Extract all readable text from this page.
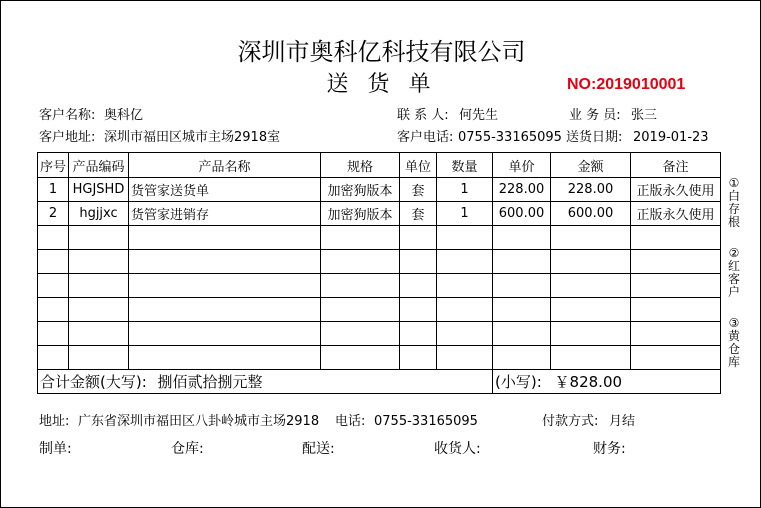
深圳市奥科亿科技有限公司
送 货 单	NO:2019010001
客户名称: 奥科亿	联 系 人: 何先生	业 务 员: 张三
客户地址: 深圳市福田区城市主场2918室	客户电话: 0755-33165095 送货日期: 2019-01-23
序号	产品编码	产品名称	规格	单位	数量	单价	金额	备注
1	HGJSHD	货管家送货单	加密狗版本	套	1	228.00	228.00	正版永久使用
2	hgjjxc	货管家进销存	加密狗版本	套	1	600.00	600.00	正版永久使用

合计金额(大写): 捌佰贰拾捌元整						(小写): ￥828.00		
①白存根
②红客户
③黄仓库
地址: 广东省深圳市福田区八卦岭城市主场2918 电话: 0755-33165095	付款方式: 月结
制单:	仓库:	配送:	收货人:	财务:
